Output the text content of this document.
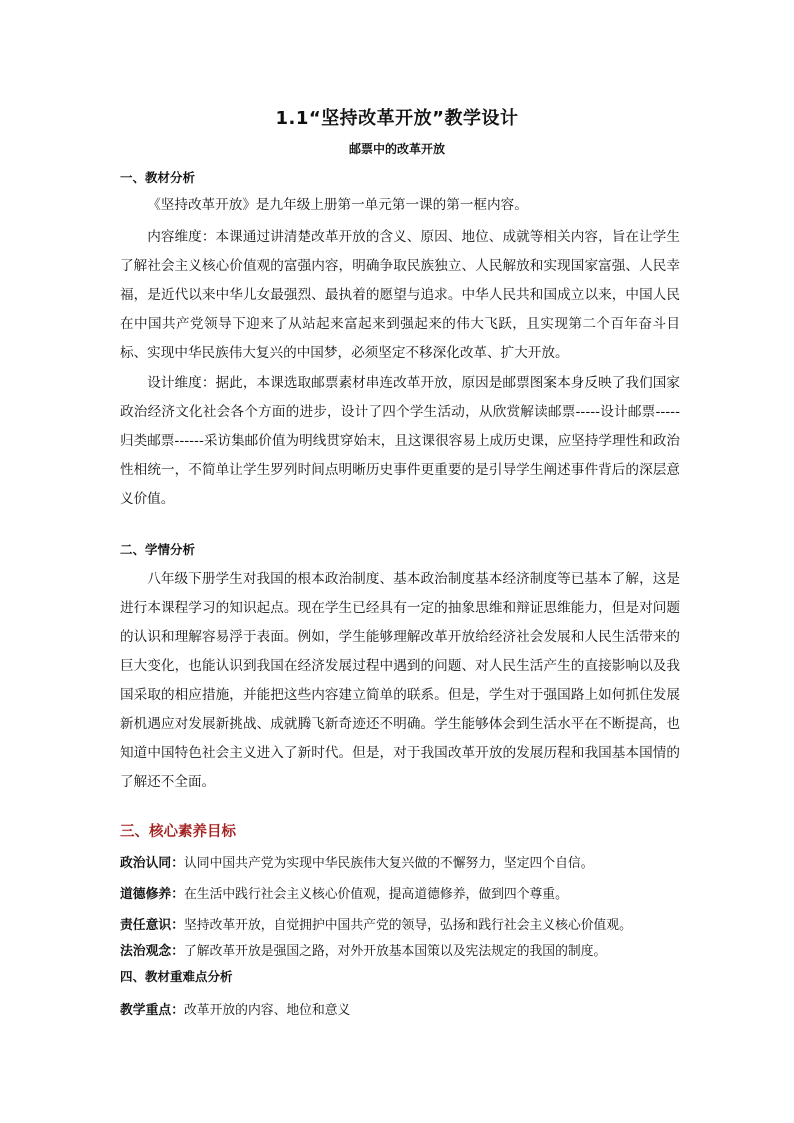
1.1“坚持改革开放”教学设计
邮票中的改革开放
一、教材分析

《坚持改革开放》是九年级上册第一单元第一课的第一框内容。

内容维度：本课通过讲清楚改革开放的含义、原因、地位、成就等相关内容，旨在让学生了解社会主义核心价值观的富强内容，明确争取民族独立、人民解放和实现国家富强、人民幸福，是近代以来中华儿女最强烈、最执着的愿望与追求。中华人民共和国成立以来，中国人民在中国共产党领导下迎来了从站起来富起来到强起来的伟大飞跃，且实现第二个百年奋斗目标、实现中华民族伟大复兴的中国梦，必须坚定不移深化改革、扩大开放。

设计维度：据此，本课选取邮票素材串连改革开放，原因是邮票图案本身反映了我们国家政治经济文化社会各个方面的进步，设计了四个学生活动，从欣赏解读邮票-----设计邮票-----归类邮票------采访集邮价值为明线贯穿始末，且这课很容易上成历史课，应坚持学理性和政治性相统一，不简单让学生罗列时间点明晰历史事件更重要的是引导学生阐述事件背后的深层意义价值。

二、学情分析

八年级下册学生对我国的根本政治制度、基本政治制度基本经济制度等已基本了解，这是进行本课程学习的知识起点。现在学生已经具有一定的抽象思维和辩证思维能力，但是对问题的认识和理解容易浮于表面。例如，学生能够理解改革开放给经济社会发展和人民生活带来的巨大变化，也能认识到我国在经济发展过程中遇到的问题、对人民生活产生的直接影响以及我国采取的相应措施，并能把这些内容建立简单的联系。但是，学生对于强国路上如何抓住发展新机遇应对发展新挑战、成就腾飞新奇迹还不明确。学生能够体会到生活水平在不断提高，也知道中国特色社会主义进入了新时代。但是，对于我国改革开放的发展历程和我国基本国情的了解还不全面。

三、核心素养目标
政治认同：认同中国共产党为实现中华民族伟大复兴做的不懈努力，坚定四个自信。
道德修养：在生活中践行社会主义核心价值观，提高道德修养，做到四个尊重。
责任意识：坚持改革开放，自觉拥护中国共产党的领导，弘扬和践行社会主义核心价值观。
法治观念：了解改革开放是强国之路，对外开放基本国策以及宪法规定的我国的制度。
四、教材重难点分析
教学重点：改革开放的内容、地位和意义
